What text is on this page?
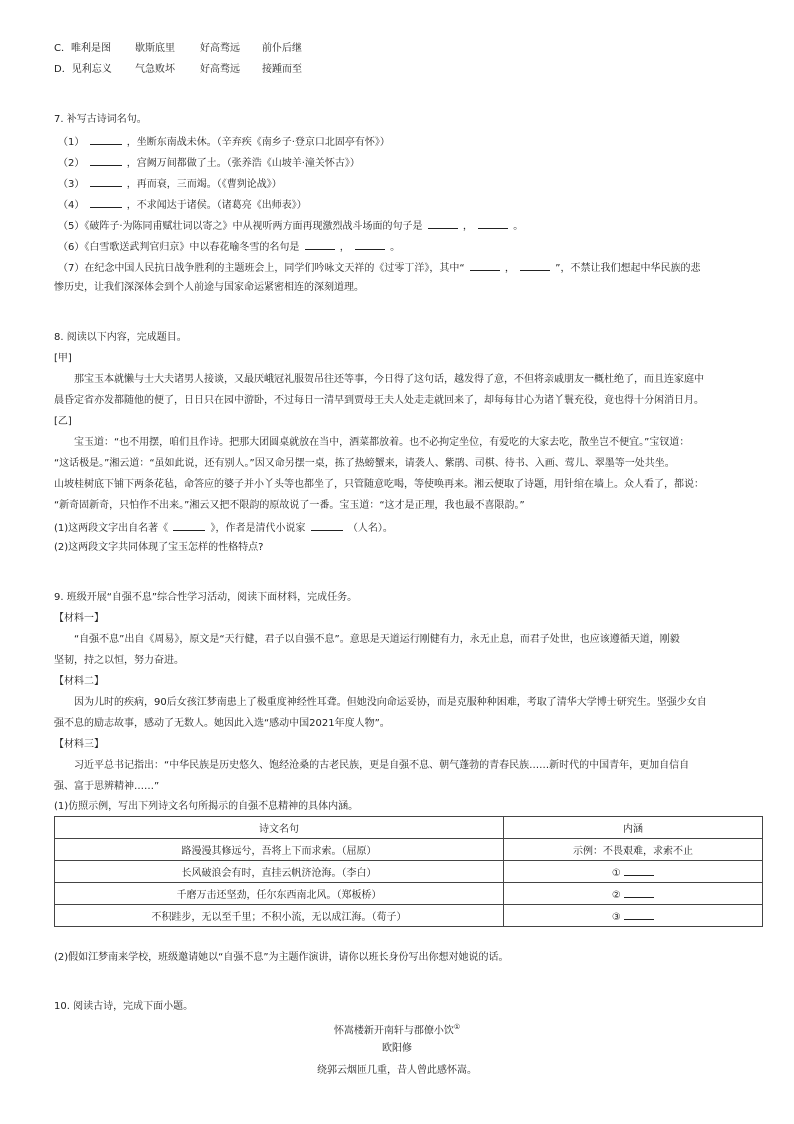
C．唯利是图 歇斯底里	好高骛远 前仆后继
D．见利忘义 气急败坏	好高骛远 接踵而至
7. 补写古诗词名句。
（1）	，坐断东南战未休。（辛弃疾《南乡子·登京口北固亭有怀》）
（2）	，宫阙万间都做了土。（张养浩《山坡羊·潼关怀古》）
（3）	，再而衰，三而竭。（《曹刿论战》）
（4）	，不求闻达于诸侯。（诸葛亮《出师表》）
（5）《破阵子·为陈同甫赋壮词以寄之》中从视听两方面再现激烈战斗场面的句子是	，	。
（6）《白雪歌送武判官归京》中以春花喻冬雪的名句是	，	。
（7）在纪念中国人民抗日战争胜利的主题班会上，同学们吟咏文天祥的《过零丁洋》，其中“	，	”，不禁让我们想起中华民族的悲
惨历史，让我们深深体会到个人前途与国家命运紧密相连的深刻道理。
8. 阅读以下内容，完成题目。
[甲]
那宝玉本就懒与士大夫诸男人接谈，又最厌峨冠礼服贺吊往还等事，今日得了这句话，越发得了意，不但将亲戚朋友一概杜绝了，而且连家庭中
晨昏定省亦发都随他的便了，日日只在园中游卧，不过每日一清早到贾母王夫人处走走就回来了，却每每甘心为诸丫鬟充役，竟也得十分闲消日月。
[乙]
宝玉道：“也不用摆，咱们且作诗。把那大团圆桌就放在当中，酒菜都放着。也不必拘定坐位，有爱吃的大家去吃，散坐岂不便宜。”宝钗道：
“这话极是。”湘云道：“虽如此说，还有别人。”因又命另摆一桌，拣了热螃蟹来，请袭人、紫鹃、司棋、待书、入画、莺儿、翠墨等一处共坐。
山坡桂树底下铺下两条花毡，命答应的婆子并小丫头等也都坐了，只管随意吃喝，等使唤再来。湘云便取了诗题，用针绾在墙上。众人看了，都说：
“新奇固新奇，只怕作不出来。”湘云又把不限韵的原故说了一番。宝玉道：“这才是正理，我也最不喜限韵。”
(1)这两段文字出自名著《	》，作者是清代小说家	（人名）。
(2)这两段文字共同体现了宝玉怎样的性格特点?
9. 班级开展“自强不息”综合性学习活动，阅读下面材料，完成任务。
【材料一】
“自强不息”出自《周易》，原文是“天行健，君子以自强不息”。意思是天道运行刚健有力，永无止息，而君子处世，也应该遵循天道，刚毅
坚韧，持之以恒，努力奋进。
【材料二】
因为儿时的疾病，90后女孩江梦南患上了极重度神经性耳聋。但她没向命运妥协，而是克服种种困难，考取了清华大学博士研究生。坚强少女自
强不息的励志故事，感动了无数人。她因此入选“感动中国2021年度人物”。
【材料三】
习近平总书记指出：“中华民族是历史悠久、饱经沧桑的古老民族，更是自强不息、朝气蓬勃的青春民族……新时代的中国青年，更加自信自
强、富于思辨精神……”
(1)仿照示例，写出下列诗文名句所揭示的自强不息精神的具体内涵。
诗文名句	内涵
路漫漫其修远兮，吾将上下而求索。（屈原）	示例：不畏艰难，求索不止
长风破浪会有时，直挂云帆济沧海。（李白）	①
千磨万击还坚劲，任尔东西南北风。（郑板桥）	②
不积跬步，无以至千里；不积小流，无以成江海。（荀子）	③
(2)假如江梦南来学校，班级邀请她以“自强不息”为主题作演讲，请你以班长身份写出你想对她说的话。
10. 阅读古诗，完成下面小题。
怀嵩楼新开南轩与郡僚小饮①
欧阳修
绕郭云烟匝几重，昔人曾此感怀嵩。
